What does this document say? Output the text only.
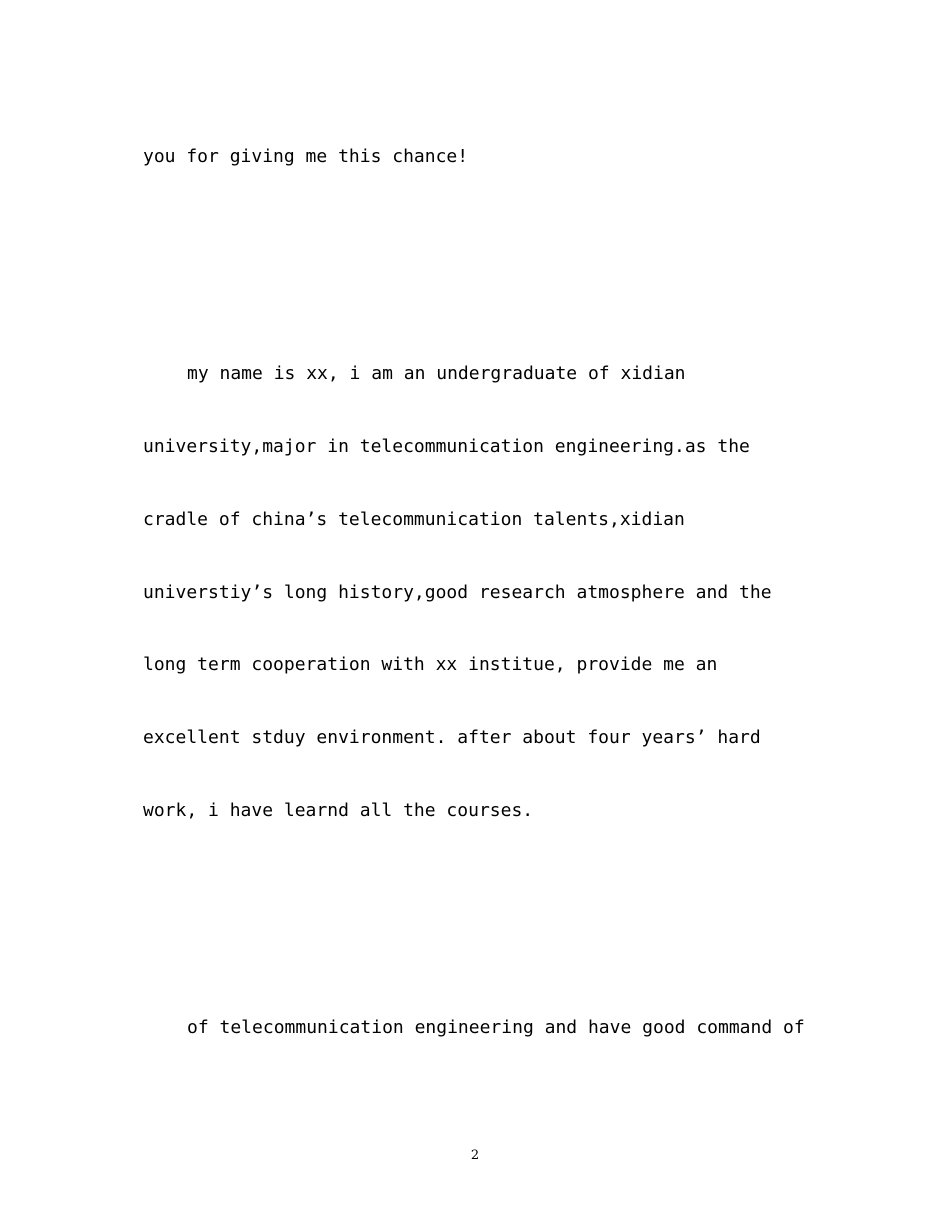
you for giving me this chance!

my name is xx, i am an undergraduate of xidian

university,major in telecommunication engineering.as the

cradle of china’s telecommunication talents,xidian

universtiy’s long history,good research atmosphere and the

long term cooperation with xx institue, provide me an

excellent stduy environment. after about four years’ hard

work, i have learnd all the courses.

of telecommunication engineering and have good command of

2
